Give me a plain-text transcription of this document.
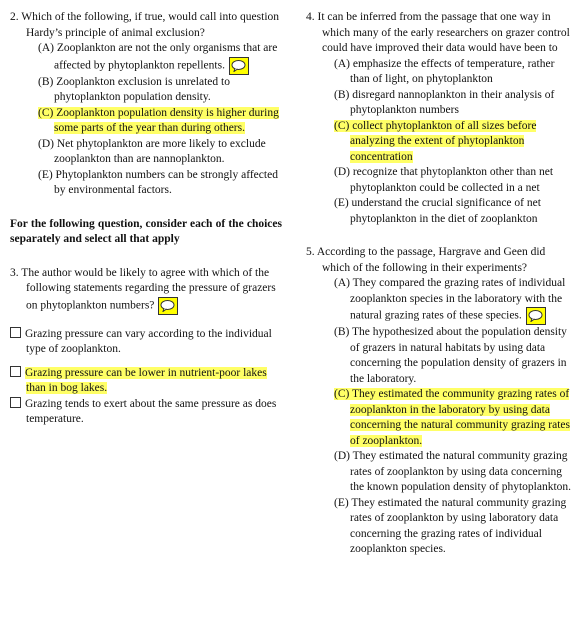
2. Which of the following, if true, would call into question Hardy’s principle of animal exclusion?
(A) Zooplankton are not the only organisms that are affected by phytoplankton repellents.
(B) Zooplankton exclusion is unrelated to phytoplankton population density.
(C) Zooplankton population density is higher during some parts of the year than during others.
(D) Net phytoplankton are more likely to exclude zooplankton than are nannoplankton.
(E) Phytoplankton numbers can be strongly affected by environmental factors.
For the following question, consider each of the choices separately and select all that apply
3. The author would be likely to agree with which of the following statements regarding the pressure of grazers on phytoplankton numbers?
Grazing pressure can vary according to the individual type of zooplankton.
Grazing pressure can be lower in nutrient-poor lakes than in bog lakes.
Grazing tends to exert about the same pressure as does temperature.
4. It can be inferred from the passage that one way in which many of the early researchers on grazer control could have improved their data would have been to
(A) emphasize the effects of temperature, rather than of light, on phytoplankton
(B) disregard nannoplankton in their analysis of phytoplankton numbers
(C) collect phytoplankton of all sizes before analyzing the extent of phytoplankton concentration
(D) recognize that phytoplankton other than net phytoplankton could be collected in a net
(E) understand the crucial significance of net phytoplankton in the diet of zooplankton
5. According to the passage, Hargrave and Geen did which of the following in their experiments?
(A) They compared the grazing rates of individual zooplankton species in the laboratory with the natural grazing rates of these species.
(B) The hypothesized about the population density of grazers in natural habitats by using data concerning the population density of grazers in the laboratory.
(C) They estimated the community grazing rates of zooplankton in the laboratory by using data concerning the natural community grazing rates of zooplankton.
(D) They estimated the natural community grazing rates of zooplankton by using data concerning the known population density of phytoplankton.
(E) They estimated the natural community grazing rates of zooplankton by using laboratory data concerning the grazing rates of individual zooplankton species.
